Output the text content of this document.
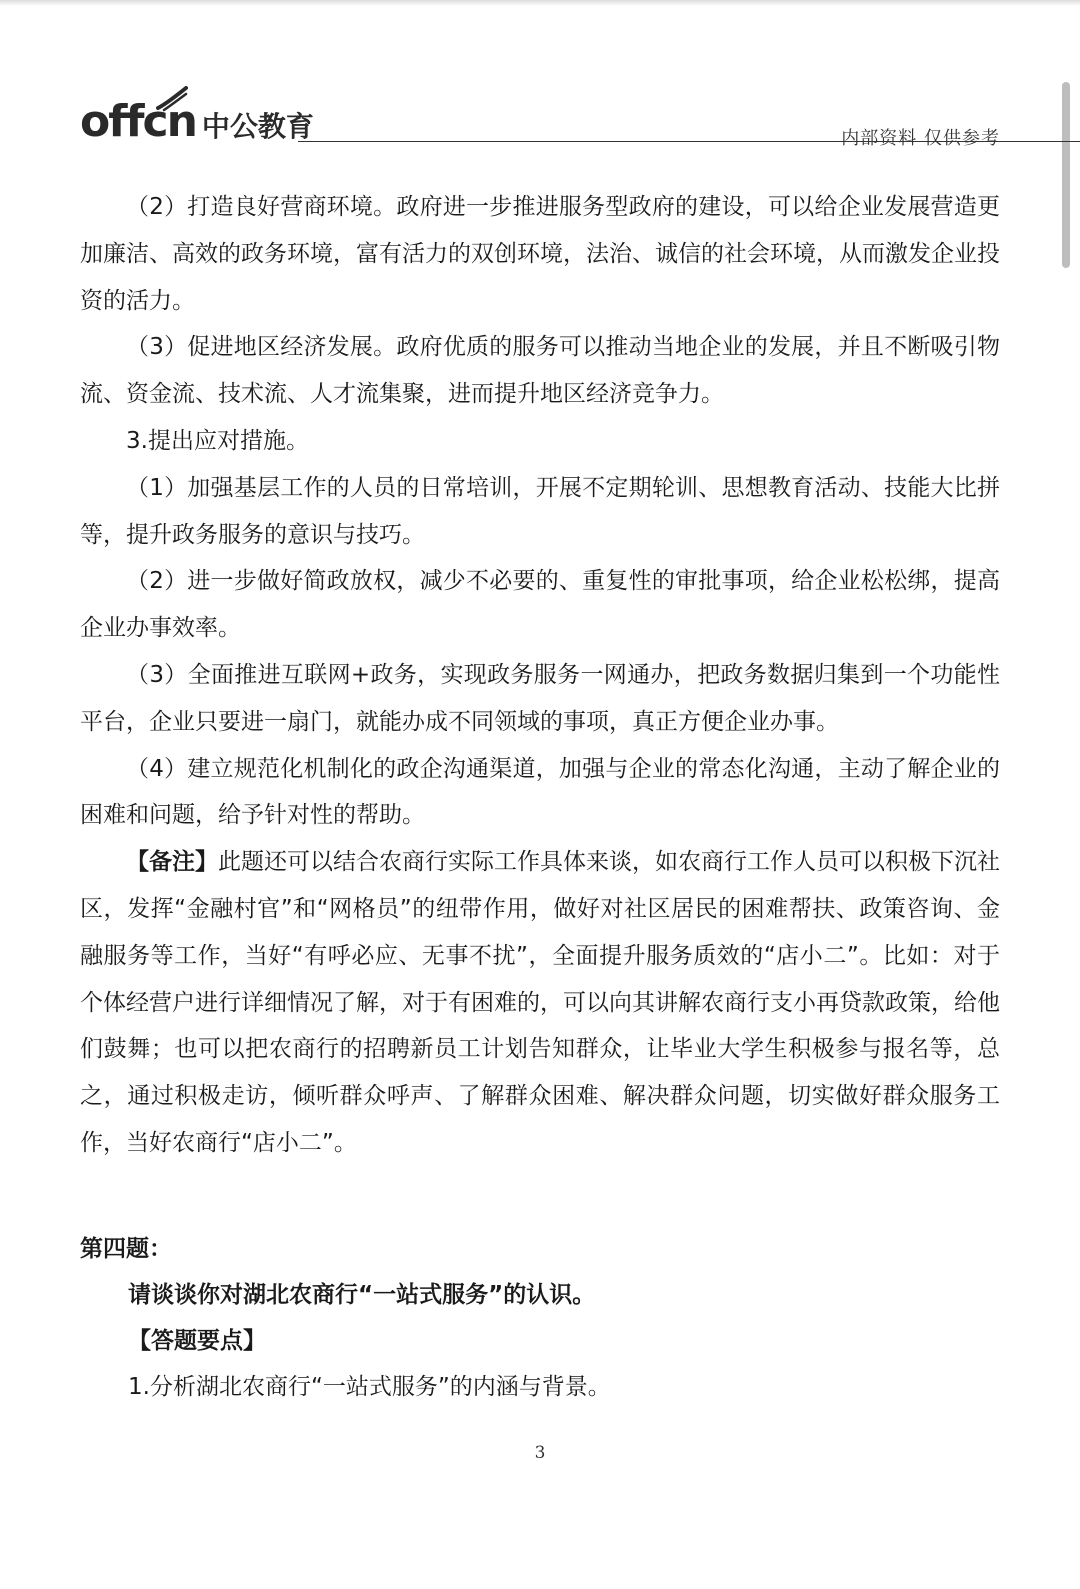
offcn 中公教育	内部资料 仅供参考

（2）打造良好营商环境。政府进一步推进服务型政府的建设，可以给企业发展营造更加廉洁、高效的政务环境，富有活力的双创环境，法治、诚信的社会环境，从而激发企业投资的活力。

（3）促进地区经济发展。政府优质的服务可以推动当地企业的发展，并且不断吸引物流、资金流、技术流、人才流集聚，进而提升地区经济竞争力。

3.提出应对措施。

（1）加强基层工作的人员的日常培训，开展不定期轮训、思想教育活动、技能大比拼等，提升政务服务的意识与技巧。

（2）进一步做好简政放权，减少不必要的、重复性的审批事项，给企业松松绑，提高企业办事效率。

（3）全面推进互联网+政务，实现政务服务一网通办，把政务数据归集到一个功能性平台，企业只要进一扇门，就能办成不同领域的事项，真正方便企业办事。

（4）建立规范化机制化的政企沟通渠道，加强与企业的常态化沟通，主动了解企业的困难和问题，给予针对性的帮助。

【备注】此题还可以结合农商行实际工作具体来谈，如农商行工作人员可以积极下沉社区，发挥“金融村官”和“网格员”的纽带作用，做好对社区居民的困难帮扶、政策咨询、金融服务等工作，当好“有呼必应、无事不扰”，全面提升服务质效的“店小二”。比如：对于个体经营户进行详细情况了解，对于有困难的，可以向其讲解农商行支小再贷款政策，给他们鼓舞；也可以把农商行的招聘新员工计划告知群众，让毕业大学生积极参与报名等，总之，通过积极走访，倾听群众呼声、了解群众困难、解决群众问题，切实做好群众服务工作，当好农商行“店小二”。

第四题：

请谈谈你对湖北农商行“一站式服务”的认识。

【答题要点】

1.分析湖北农商行“一站式服务”的内涵与背景。

3
